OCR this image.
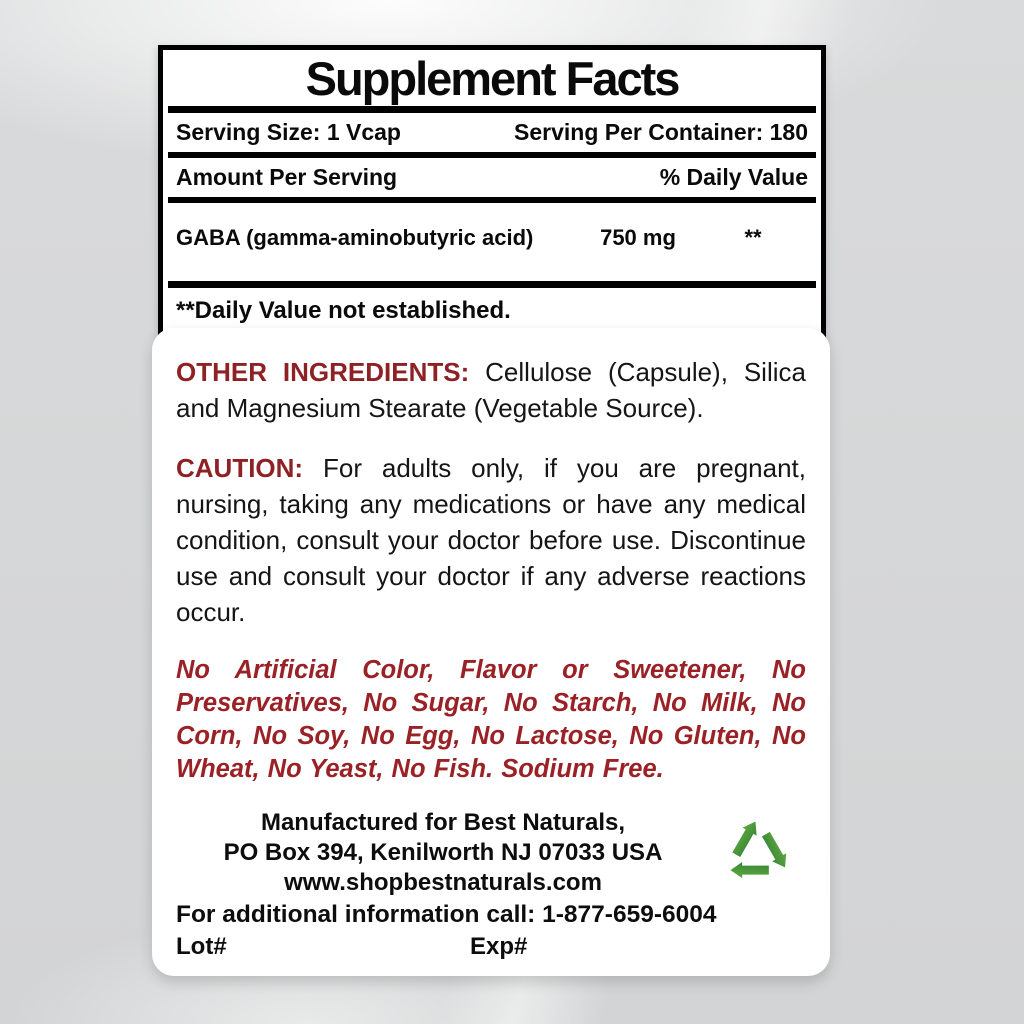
Supplement Facts
Serving Size: 1 Vcap	Serving Per Container: 180
Amount Per Serving	% Daily Value
GABA (gamma-aminobutyric acid)	750 mg	**
**Daily Value not established.

OTHER INGREDIENTS: Cellulose (Capsule), Silica and Magnesium Stearate (Vegetable Source).

CAUTION: For adults only, if you are pregnant, nursing, taking any medications or have any medical condition, consult your doctor before use. Discontinue use and consult your doctor if any adverse reactions occur.

No Artificial Color, Flavor or Sweetener, No Preservatives, No Sugar, No Starch, No Milk, No Corn, No Soy, No Egg, No Lactose, No Gluten, No Wheat, No Yeast, No Fish. Sodium Free.

Manufactured for Best Naturals,
PO Box 394, Kenilworth NJ 07033 USA
www.shopbestnaturals.com
For additional information call: 1-877-659-6004
Lot#	Exp#
